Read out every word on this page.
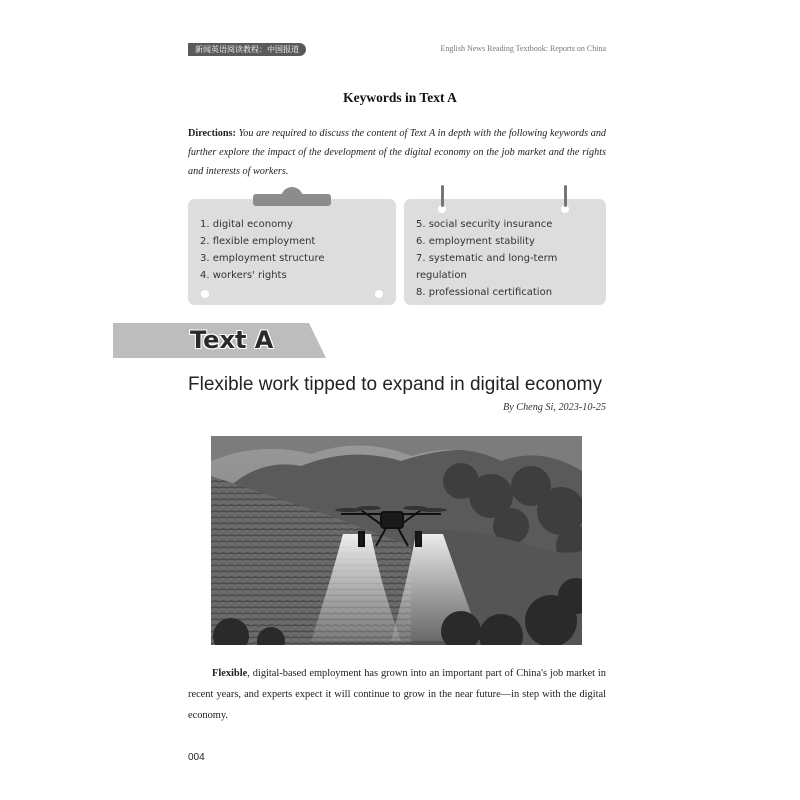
新闻英语阅读教程：中国报道	English News Reading Textbook: Reports on China
Keywords in Text A
Directions: You are required to discuss the content of Text A in depth with the following keywords and further explore the impact of the development of the digital economy on the job market and the rights and interests of workers.
1. digital economy
2. flexible employment
3. employment structure
4. workers' rights
5. social security insurance
6. employment stability
7. systematic and long-term regulation
8. professional certification
Text A
Flexible work tipped to expand in digital economy
By Cheng Si, 2023-10-25
Flexible, digital-based employment has grown into an important part of China's job market in recent years, and experts expect it will continue to grow in the near future—in step with the digital economy.
004
